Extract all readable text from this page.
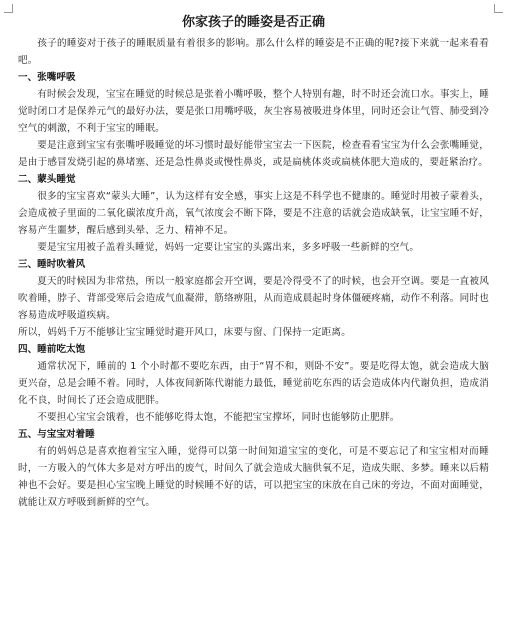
你家孩子的睡姿是否正确

孩子的睡姿对于孩子的睡眠质量有着很多的影响。那么什么样的睡姿是不正确的呢?接下来就一起来看看吧。

一、张嘴呼吸

有时候会发现，宝宝在睡觉的时候总是张着小嘴呼吸，整个人特别有趣，时不时还会流口水。事实上，睡觉时闭口才是保养元气的最好办法，要是张口用嘴呼吸，灰尘容易被吸进身体里，同时还会让气管、肺受到冷空气的刺激，不利于宝宝的睡眠。

要是注意到宝宝有张嘴呼吸睡觉的坏习惯时最好能带宝宝去一下医院，检查看看宝宝为什么会张嘴睡觉，是由于感冒发烧引起的鼻堵塞、还是急性鼻炎或慢性鼻炎，或是扁桃体炎或扁桃体肥大造成的，要赶紧治疗。

二、蒙头睡觉

很多的宝宝喜欢“蒙头大睡”，认为这样有安全感，事实上这是不科学也不健康的。睡觉时用被子蒙着头，会造成被子里面的二氧化碳浓度升高，氧气浓度会不断下降，要是不注意的话就会造成缺氧，让宝宝睡不好，容易产生噩梦，醒后感到头晕、乏力、精神不足。

要是宝宝用被子盖着头睡觉，妈妈一定要让宝宝的头露出来，多多呼吸一些新鲜的空气。

三、睡时吹着风

夏天的时候因为非常热，所以一般家庭都会开空调，要是冷得受不了的时候，也会开空调。要是一直被风吹着睡，脖子、背部受寒后会造成气血凝滞，筋络痹阻，从而造成晨起时身体僵硬疼痛，动作不利落。同时也容易造成呼吸道疾病。

所以，妈妈千万不能够让宝宝睡觉时避开风口，床要与窗、门保持一定距离。

四、睡前吃太饱

通常状况下，睡前的 1 个小时都不要吃东西，由于“胃不和，则卧不安”。要是吃得太饱，就会造成大脑更兴奋，总是会睡不着。同时，人体夜间新陈代谢能力最低，睡觉前吃东西的话会造成体内代谢负担，造成消化不良，时间长了还会造成肥胖。

不要担心宝宝会饿着，也不能够吃得太饱，不能把宝宝撑坏，同时也能够防止肥胖。

五、与宝宝对着睡

有的妈妈总是喜欢抱着宝宝入睡，觉得可以第一时间知道宝宝的变化，可是不要忘记了和宝宝相对而睡时，一方吸入的气体大多是对方呼出的废气，时间久了就会造成大脑供氧不足，造成失眠、多梦。睡来以后精神也不会好。要是担心宝宝晚上睡觉的时候睡不好的话，可以把宝宝的床放在自己床的旁边，不面对面睡觉，就能让双方呼吸到新鲜的空气。
